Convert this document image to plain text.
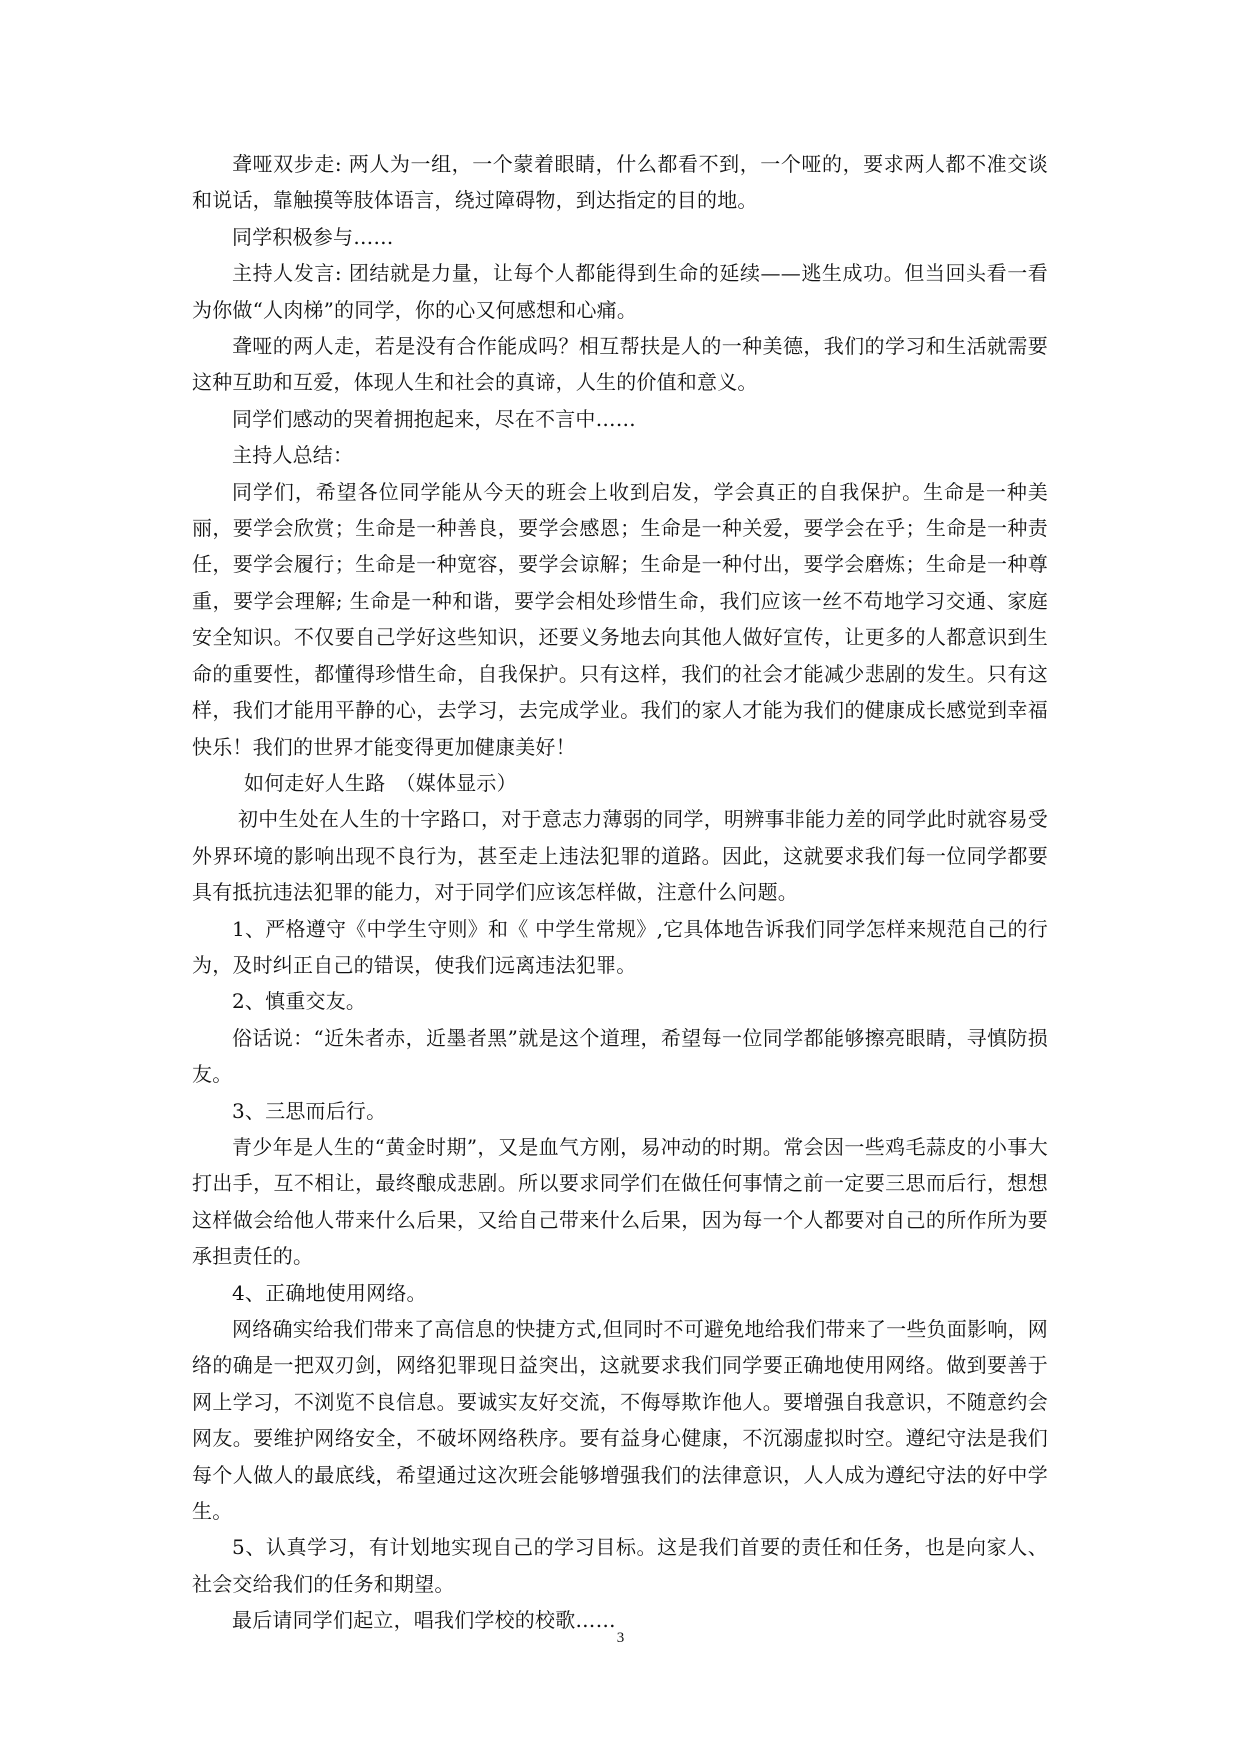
聋哑双步走: 两人为一组，一个蒙着眼睛，什么都看不到，一个哑的，要求两人都不准交谈和说话，靠触摸等肢体语言，绕过障碍物，到达指定的目的地。

同学积极参与……

主持人发言: 团结就是力量，让每个人都能得到生命的延续——逃生成功。但当回头看一看为你做“人肉梯”的同学，你的心又何感想和心痛。

聋哑的两人走，若是没有合作能成吗？相互帮扶是人的一种美德，我们的学习和生活就需要这种互助和互爱，体现人生和社会的真谛，人生的价值和意义。

同学们感动的哭着拥抱起来，尽在不言中……

主持人总结：

同学们，希望各位同学能从今天的班会上收到启发，学会真正的自我保护。生命是一种美丽，要学会欣赏；生命是一种善良，要学会感恩；生命是一种关爱，要学会在乎；生命是一种责任，要学会履行；生命是一种宽容，要学会谅解；生命是一种付出，要学会磨炼；生命是一种尊重，要学会理解; 生命是一种和谐，要学会相处珍惜生命，我们应该一丝不苟地学习交通、家庭安全知识。不仅要自己学好这些知识，还要义务地去向其他人做好宣传，让更多的人都意识到生命的重要性，都懂得珍惜生命，自我保护。只有这样，我们的社会才能减少悲剧的发生。只有这样，我们才能用平静的心，去学习，去完成学业。我们的家人才能为我们的健康成长感觉到幸福快乐！我们的世界才能变得更加健康美好！

如何走好人生路　（媒体显示）

初中生处在人生的十字路口，对于意志力薄弱的同学，明辨事非能力差的同学此时就容易受外界环境的影响出现不良行为，甚至走上违法犯罪的道路。因此，这就要求我们每一位同学都要具有抵抗违法犯罪的能力，对于同学们应该怎样做，注意什么问题。

1、严格遵守《中学生守则》和《 中学生常规》,它具体地告诉我们同学怎样来规范自己的行为，及时纠正自己的错误，使我们远离违法犯罪。

2、慎重交友。

俗话说：“近朱者赤，近墨者黑”就是这个道理，希望每一位同学都能够擦亮眼睛，寻慎防损友。

3、三思而后行。

青少年是人生的“黄金时期”，又是血气方刚，易冲动的时期。常会因一些鸡毛蒜皮的小事大打出手，互不相让，最终酿成悲剧。所以要求同学们在做任何事情之前一定要三思而后行，想想这样做会给他人带来什么后果，又给自己带来什么后果，因为每一个人都要对自己的所作所为要承担责任的。

4、正确地使用网络。

网络确实给我们带来了高信息的快捷方式,但同时不可避免地给我们带来了一些负面影响，网络的确是一把双刃剑，网络犯罪现日益突出，这就要求我们同学要正确地使用网络。做到要善于网上学习，不浏览不良信息。要诚实友好交流，不侮辱欺诈他人。要增强自我意识，不随意约会网友。要维护网络安全，不破坏网络秩序。要有益身心健康，不沉溺虚拟时空。遵纪守法是我们每个人做人的最底线，希望通过这次班会能够增强我们的法律意识，人人成为遵纪守法的好中学生。

5、认真学习，有计划地实现自己的学习目标。这是我们首要的责任和任务，也是向家人、社会交给我们的任务和期望。

最后请同学们起立，唱我们学校的校歌……

3
